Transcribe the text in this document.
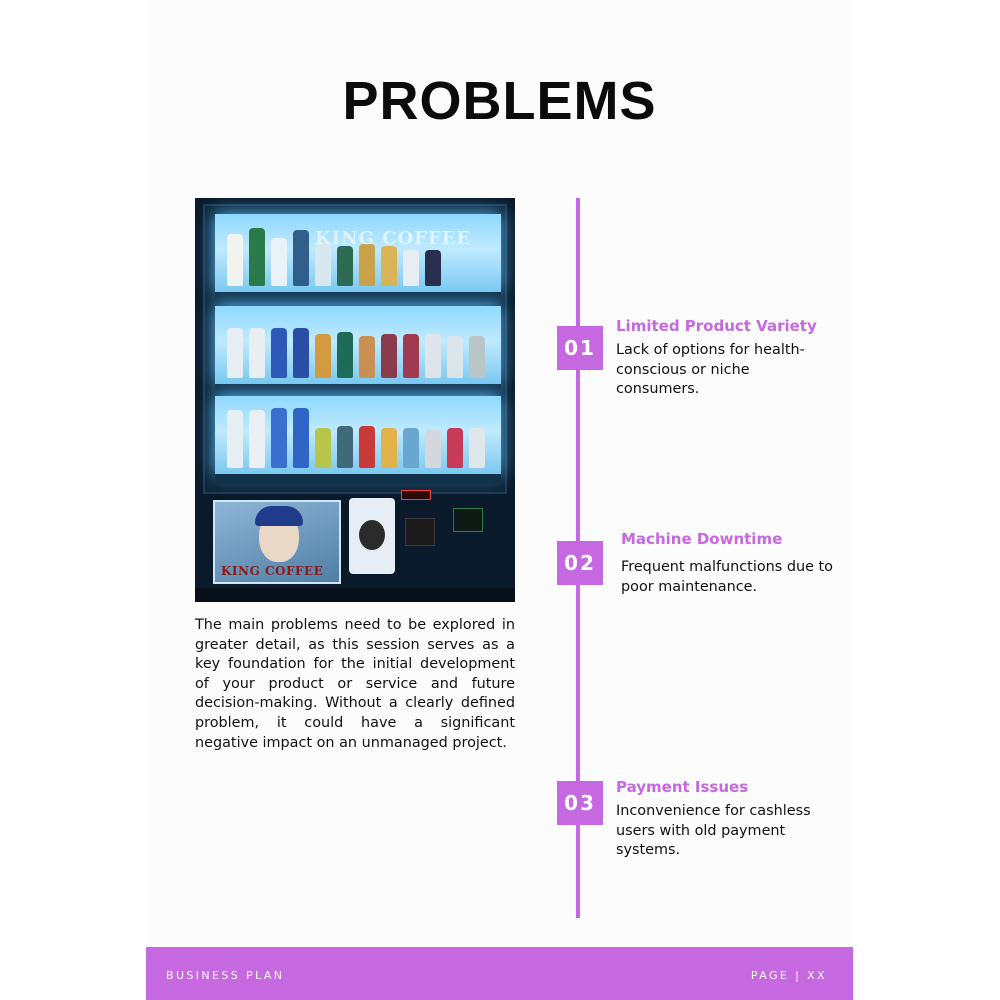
PROBLEMS
KING COFFEE
KING COFFEE

The main problems need to be explored in greater detail, as this session serves as a key foundation for the initial development of your product or service and future decision-making. Without a clearly defined problem, it could have a significant negative impact on an unmanaged project.

01
Limited Product Variety
Lack of options for health-conscious or niche consumers.
02
Machine Downtime
Frequent malfunctions due to poor maintenance.
03
Payment Issues
Inconvenience for cashless users with old payment systems.
BUSINESS PLAN	PAGE | XX
